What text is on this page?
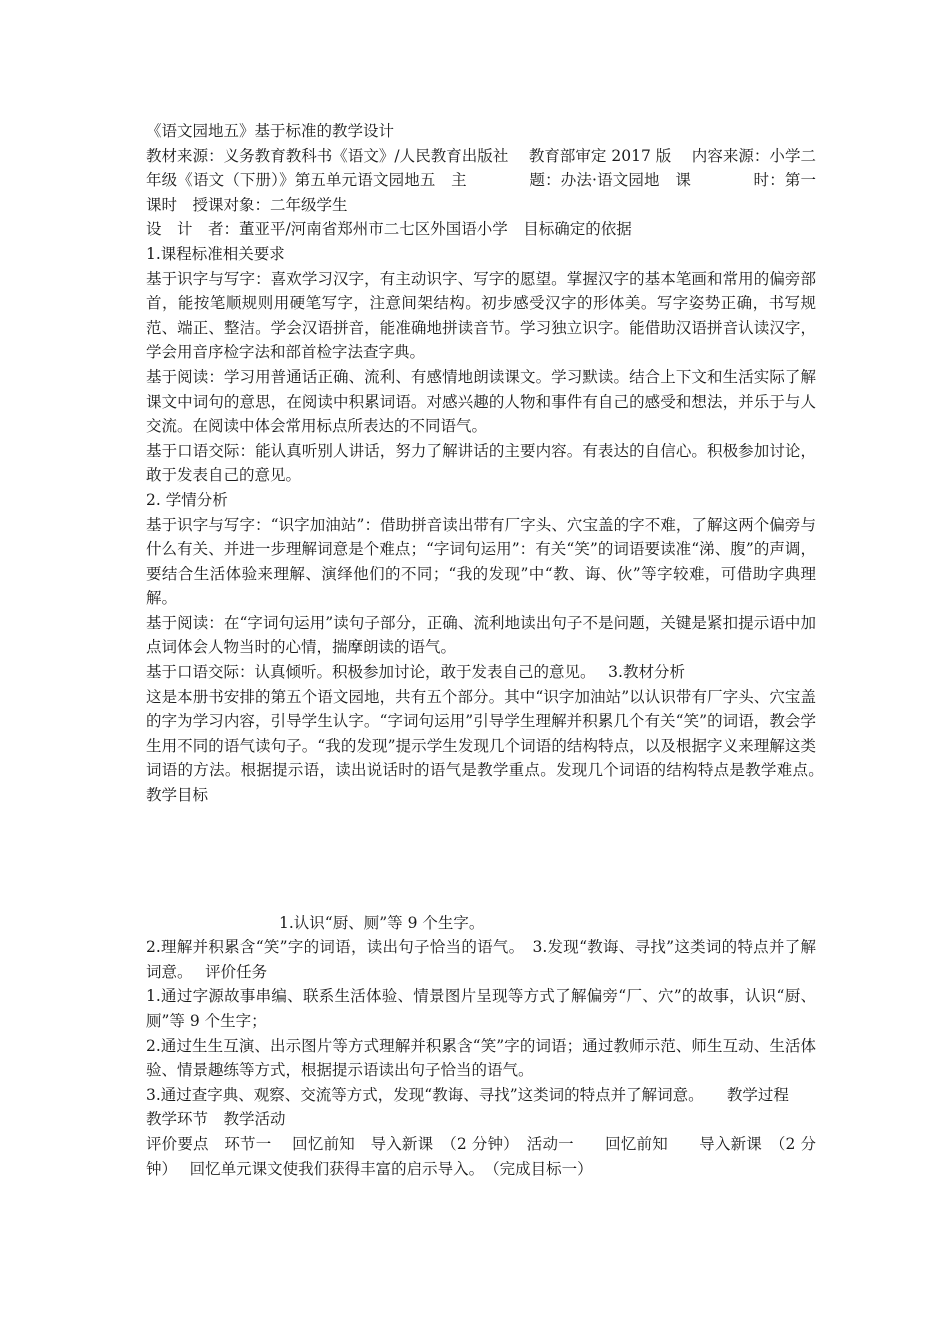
《语文园地五》基于标准的教学设计

教材来源：义务教育教科书《语文》/人民教育出版社　 教育部审定 2017 版　 内容来源：小学二年级《语文（下册）》第五单元语文园地五　主　　　　题：办法·语文园地　课　　　　时：第一课时　授课对象：二年级学生

设　计　者：董亚平/河南省郑州市二七区外国语小学　目标确定的依据

1.课程标准相关要求

基于识字与写字：喜欢学习汉字，有主动识字、写字的愿望。掌握汉字的基本笔画和常用的偏旁部首，能按笔顺规则用硬笔写字，注意间架结构。初步感受汉字的形体美。写字姿势正确，书写规范、端正、整洁。学会汉语拼音，能准确地拼读音节。学习独立识字。能借助汉语拼音认读汉字，学会用音序检字法和部首检字法查字典。

基于阅读：学习用普通话正确、流利、有感情地朗读课文。学习默读。结合上下文和生活实际了解课文中词句的意思，在阅读中积累词语。对感兴趣的人物和事件有自己的感受和想法，并乐于与人交流。在阅读中体会常用标点所表达的不同语气。

基于口语交际：能认真听别人讲话，努力了解讲话的主要内容。有表达的自信心。积极参加讨论，敢于发表自己的意见。

2. 学情分析

基于识字与写字：“识字加油站”：借助拼音读出带有厂字头、穴宝盖的字不难，了解这两个偏旁与什么有关、并进一步理解词意是个难点；“字词句运用”：有关“笑”的词语要读准“涕、腹”的声调，要结合生活体验来理解、演绎他们的不同；“我的发现”中“教、诲、伙”等字较难，可借助字典理解。

基于阅读：在“字词句运用”读句子部分，正确、流利地读出句子不是问题，关键是紧扣提示语中加点词体会人物当时的心情，揣摩朗读的语气。

基于口语交际：认真倾听。积极参加讨论，敢于发表自己的意见。　 3.教材分析

这是本册书安排的第五个语文园地，共有五个部分。其中“识字加油站”以认识带有厂字头、穴宝盖的字为学习内容，引导学生认字。“字词句运用”引导学生理解并积累几个有关“笑”的词语，教会学生用不同的语气读句子。“我的发现”提示学生发现几个词语的结构特点，以及根据字义来理解这类词语的方法。根据提示语，读出说话时的语气是教学重点。发现几个词语的结构特点是教学难点。　 教学目标

1.认识“厨、厕”等 9 个生字。

2.理解并积累含“笑”字的词语，读出句子恰当的语气。　3.发现“教诲、寻找”这类词的特点并了解词意。　 评价任务

1.通过字源故事串编、联系生活体验、情景图片呈现等方式了解偏旁“厂、穴”的故事，认识“厨、厕”等 9 个生字；

2.通过生生互演、出示图片等方式理解并积累含“笑”字的词语；通过教师示范、师生互动、生活体验、情景趣练等方式，根据提示语读出句子恰当的语气。

3.通过查字典、观察、交流等方式，发现“教诲、寻找”这类词的特点并了解词意。　　教学过程

教学环节　教学活动

评价要点　环节一　 回忆前知　导入新课　（2 分钟）　活动一　　回忆前知　　导入新课　（2 分钟）　 回忆单元课文使我们获得丰富的启示导入。　（完成目标一）
